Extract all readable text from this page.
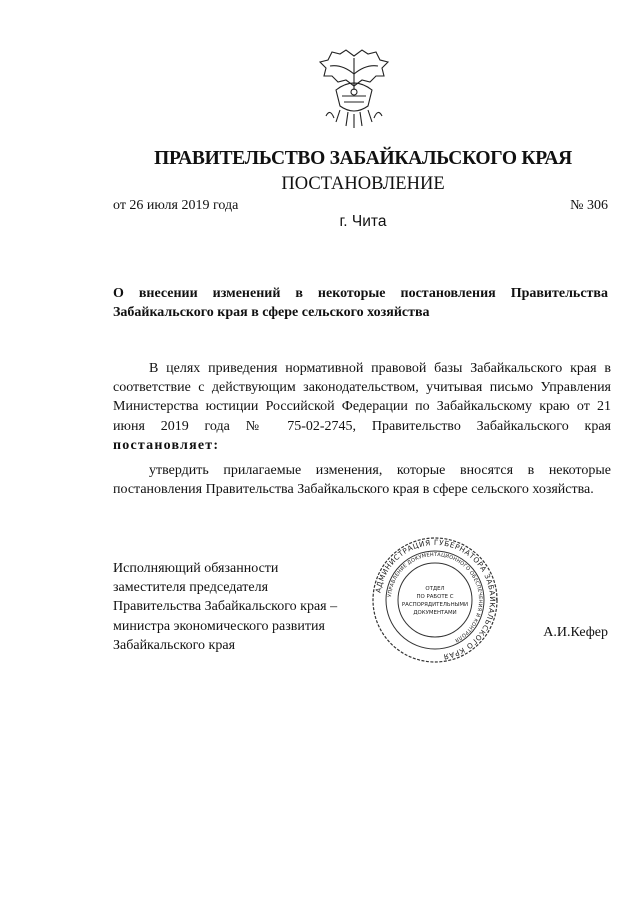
ПРАВИТЕЛЬСТВО ЗАБАЙКАЛЬСКОГО КРАЯ
ПОСТАНОВЛЕНИЕ
от 26 июля 2019 года	№ 306
г. Чита
О внесении изменений в некоторые постановления Правительства Забайкальского края в сфере сельского хозяйства

В целях приведения нормативной правовой базы Забайкальского края в соответствие с действующим законодательством, учитывая письмо Управления Министерства юстиции Российской Федерации по Забайкальскому краю от 21 июня 2019 года № 75-02-2745, Правительство Забайкальского края постановляет:

утвердить прилагаемые изменения, которые вносятся в некоторые постановления Правительства Забайкальского края в сфере сельского хозяйства.

Исполняющий обязанности
заместителя председателя
Правительства Забайкальского края –
министра экономического развития
Забайкальского края
АДМИНИСТРАЦИЯ ГУБЕРНАТОРА ЗАБАЙКАЛЬСКОГО КРАЯ
УПРАВЛЕНИЕ ДОКУМЕНТАЦИОННОГО ОБЕСПЕЧЕНИЯ И КОНТРОЛЯ
ОТДЕЛ
ПО РАБОТЕ С
РАСПОРЯДИТЕЛЬНЫМИ
ДОКУМЕНТАМИ
А.И.Кефер
